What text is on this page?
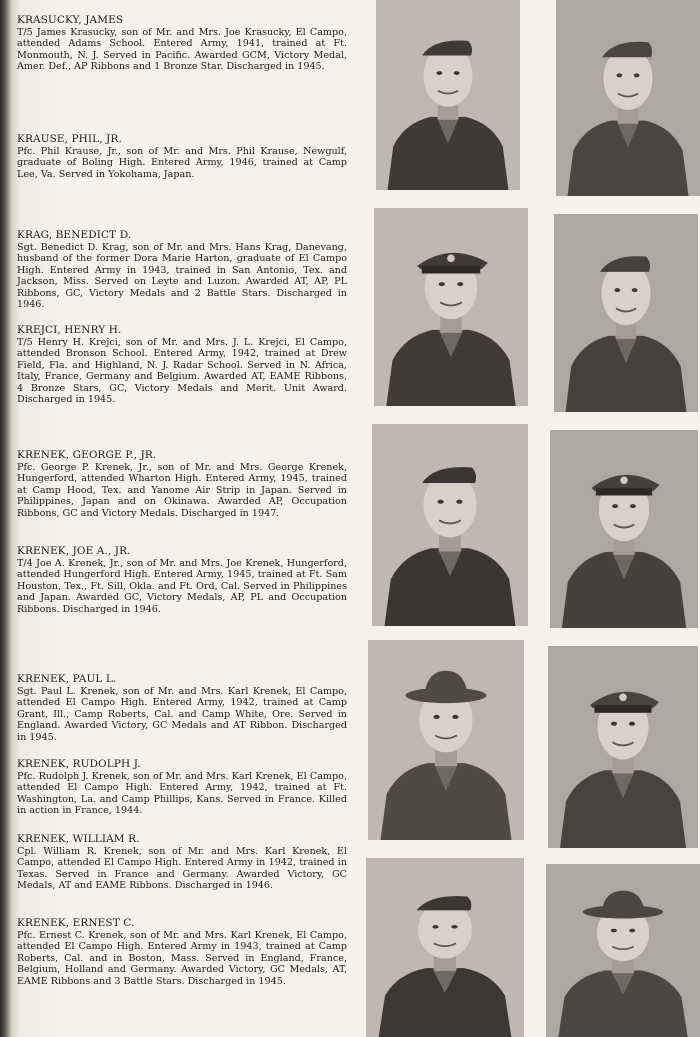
KRASUCKY, JAMES

T/5 James Krasucky, son of Mr. and Mrs. Joe Krasucky, El Campo, attended Adams School. Entered Army, 1941, trained at Ft. Monmouth, N. J. Served in Pacific. Awarded GCM, Victory Medal, Amer. Def., AP Ribbons and 1 Bronze Star. Discharged in 1945.

KRAUSE, PHIL, JR.

Pfc. Phil Krause, Jr., son of Mr. and Mrs. Phil Krause, Newgulf, graduate of Boling High. Entered Army, 1946, trained at Camp Lee, Va. Served in Yokohama, Japan.

KRAG, BENEDICT D.

Sgt. Benedict D. Krag, son of Mr. and Mrs. Hans Krag, Danevang, husband of the former Dora Marie Harton, graduate of El Campo High. Entered Army in 1943, trained in San Antonio, Tex. and Jackson, Miss. Served on Leyte and Luzon. Awarded AT, AP, PL Ribbons, GC, Victory Medals and 2 Battle Stars. Discharged in 1946.

KREJCI, HENRY H.

T/5 Henry H. Krejci, son of Mr. and Mrs. J. L. Krejci, El Campo, attended Bronson School. Entered Army, 1942, trained at Drew Field, Fla. and Highland, N. J. Radar School. Served in N. Africa, Italy, France, Germany and Belgium. Awarded AT, EAME Ribbons, 4 Bronze Stars, GC, Victory Medals and Merit. Unit Award. Discharged in 1945.

KRENEK, GEORGE P., JR.

Pfc. George P. Krenek, Jr., son of Mr. and Mrs. George Krenek, Hungerford, attended Wharton High. Entered Army, 1945, trained at Camp Hood, Tex. and Yanome Air Strip in Japan. Served in Philippines, Japan and on Okinawa. Awarded AP, Occupation Ribbons, GC and Victory Medals. Discharged in 1947.

KRENEK, JOE A., JR.

T/4 Joe A. Krenek, Jr., son of Mr. and Mrs. Joe Krenek, Hungerford, attended Hungerford High. Entered Army, 1945, trained at Ft. Sam Houston, Tex., Ft. Sill, Okla. and Ft. Ord, Cal. Served in Philippines and Japan. Awarded GC, Victory Medals, AP, PL and Occupation Ribbons. Discharged in 1946.

KRENEK, PAUL L.

Sgt. Paul L. Krenek, son of Mr. and Mrs. Karl Krenek, El Campo, attended El Campo High. Entered Army, 1942, trained at Camp Grant, Ill., Camp Roberts, Cal. and Camp White, Ore. Served in England. Awarded Victory, GC Medals and AT Ribbon. Discharged in 1945.

KRENEK, RUDOLPH J.

Pfc. Rudolph J. Krenek, son of Mr. and Mrs. Karl Krenek, El Campo, attended El Campo High. Entered Army, 1942, trained at Ft. Washington, La. and Camp Phillips, Kans. Served in France. Killed in action in France, 1944.

KRENEK, WILLIAM R.

Cpl. William R. Krenek, son of Mr. and Mrs. Karl Krenek, El Campo, attended El Campo High. Entered Army in 1942, trained in Texas. Served in France and Germany. Awarded Victory, GC Medals, AT and EAME Ribbons. Discharged in 1946.

KRENEK, ERNEST C.

Pfc. Ernest C. Krenek, son of Mr. and Mrs. Karl Krenek, El Campo, attended El Campo High. Entered Army in 1943, trained at Camp Roberts, Cal. and in Boston, Mass. Served in England, France, Belgium, Holland and Germany. Awarded Victory, GC Medals, AT, EAME Ribbons and 3 Battle Stars. Discharged in 1945.
